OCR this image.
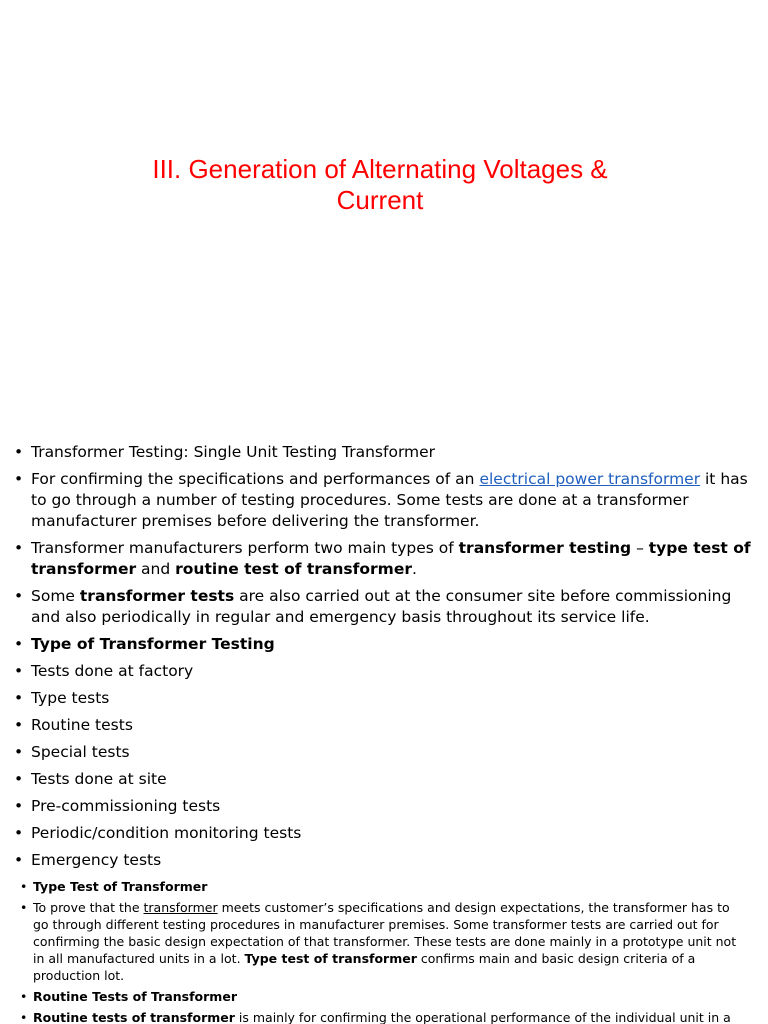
III. Generation of Alternating Voltages &
Current
• Transformer Testing: Single Unit Testing Transformer
• For confirming the specifications and performances of an electrical power transformer it has to go through a number of testing procedures. Some tests are done at a transformer manufacturer premises before delivering the transformer.
• Transformer manufacturers perform two main types of transformer testing – type test of transformer and routine test of transformer.
• Some transformer tests are also carried out at the consumer site before commissioning and also periodically in regular and emergency basis throughout its service life.
• Type of Transformer Testing
• Tests done at factory
• Type tests
• Routine tests
• Special tests
• Tests done at site
• Pre-commissioning tests
• Periodic/condition monitoring tests
• Emergency tests
• Type Test of Transformer
• To prove that the transformer meets customer’s specifications and design expectations, the transformer has to go through different testing procedures in manufacturer premises. Some transformer tests are carried out for confirming the basic design expectation of that transformer. These tests are done mainly in a prototype unit not in all manufactured units in a lot. Type test of transformer confirms main and basic design criteria of a production lot.
• Routine Tests of Transformer
• Routine tests of transformer is mainly for confirming the operational performance of the individual unit in a
